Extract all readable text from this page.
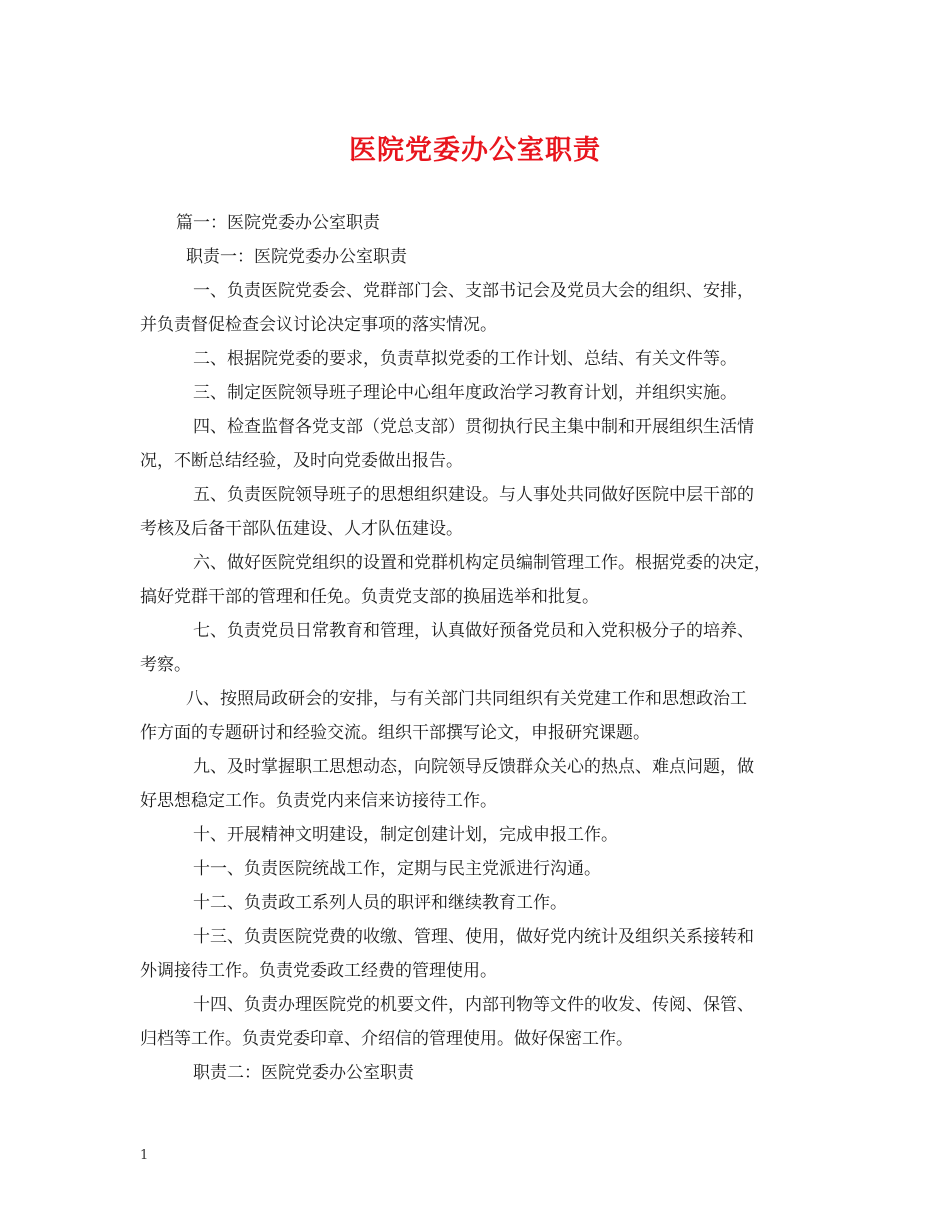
医院党委办公室职责
篇一：医院党委办公室职责
职责一：医院党委办公室职责
一、负责医院党委会、党群部门会、支部书记会及党员大会的组织、安排，
并负责督促检查会议讨论决定事项的落实情况。
二、根据院党委的要求，负责草拟党委的工作计划、总结、有关文件等。
三、制定医院领导班子理论中心组年度政治学习教育计划，并组织实施。
四、检查监督各党支部（党总支部）贯彻执行民主集中制和开展组织生活情
况，不断总结经验，及时向党委做出报告。
五、负责医院领导班子的思想组织建设。与人事处共同做好医院中层干部的
考核及后备干部队伍建设、人才队伍建设。
六、做好医院党组织的设置和党群机构定员编制管理工作。根据党委的决定，
搞好党群干部的管理和任免。负责党支部的换届选举和批复。
七、负责党员日常教育和管理，认真做好预备党员和入党积极分子的培养、
考察。
八、按照局政研会的安排，与有关部门共同组织有关党建工作和思想政治工
作方面的专题研讨和经验交流。组织干部撰写论文，申报研究课题。
九、及时掌握职工思想动态，向院领导反馈群众关心的热点、难点问题，做
好思想稳定工作。负责党内来信来访接待工作。
十、开展精神文明建设，制定创建计划，完成申报工作。
十一、负责医院统战工作，定期与民主党派进行沟通。
十二、负责政工系列人员的职评和继续教育工作。
十三、负责医院党费的收缴、管理、使用，做好党内统计及组织关系接转和
外调接待工作。负责党委政工经费的管理使用。
十四、负责办理医院党的机要文件，内部刊物等文件的收发、传阅、保管、
归档等工作。负责党委印章、介绍信的管理使用。做好保密工作。
职责二：医院党委办公室职责
1
